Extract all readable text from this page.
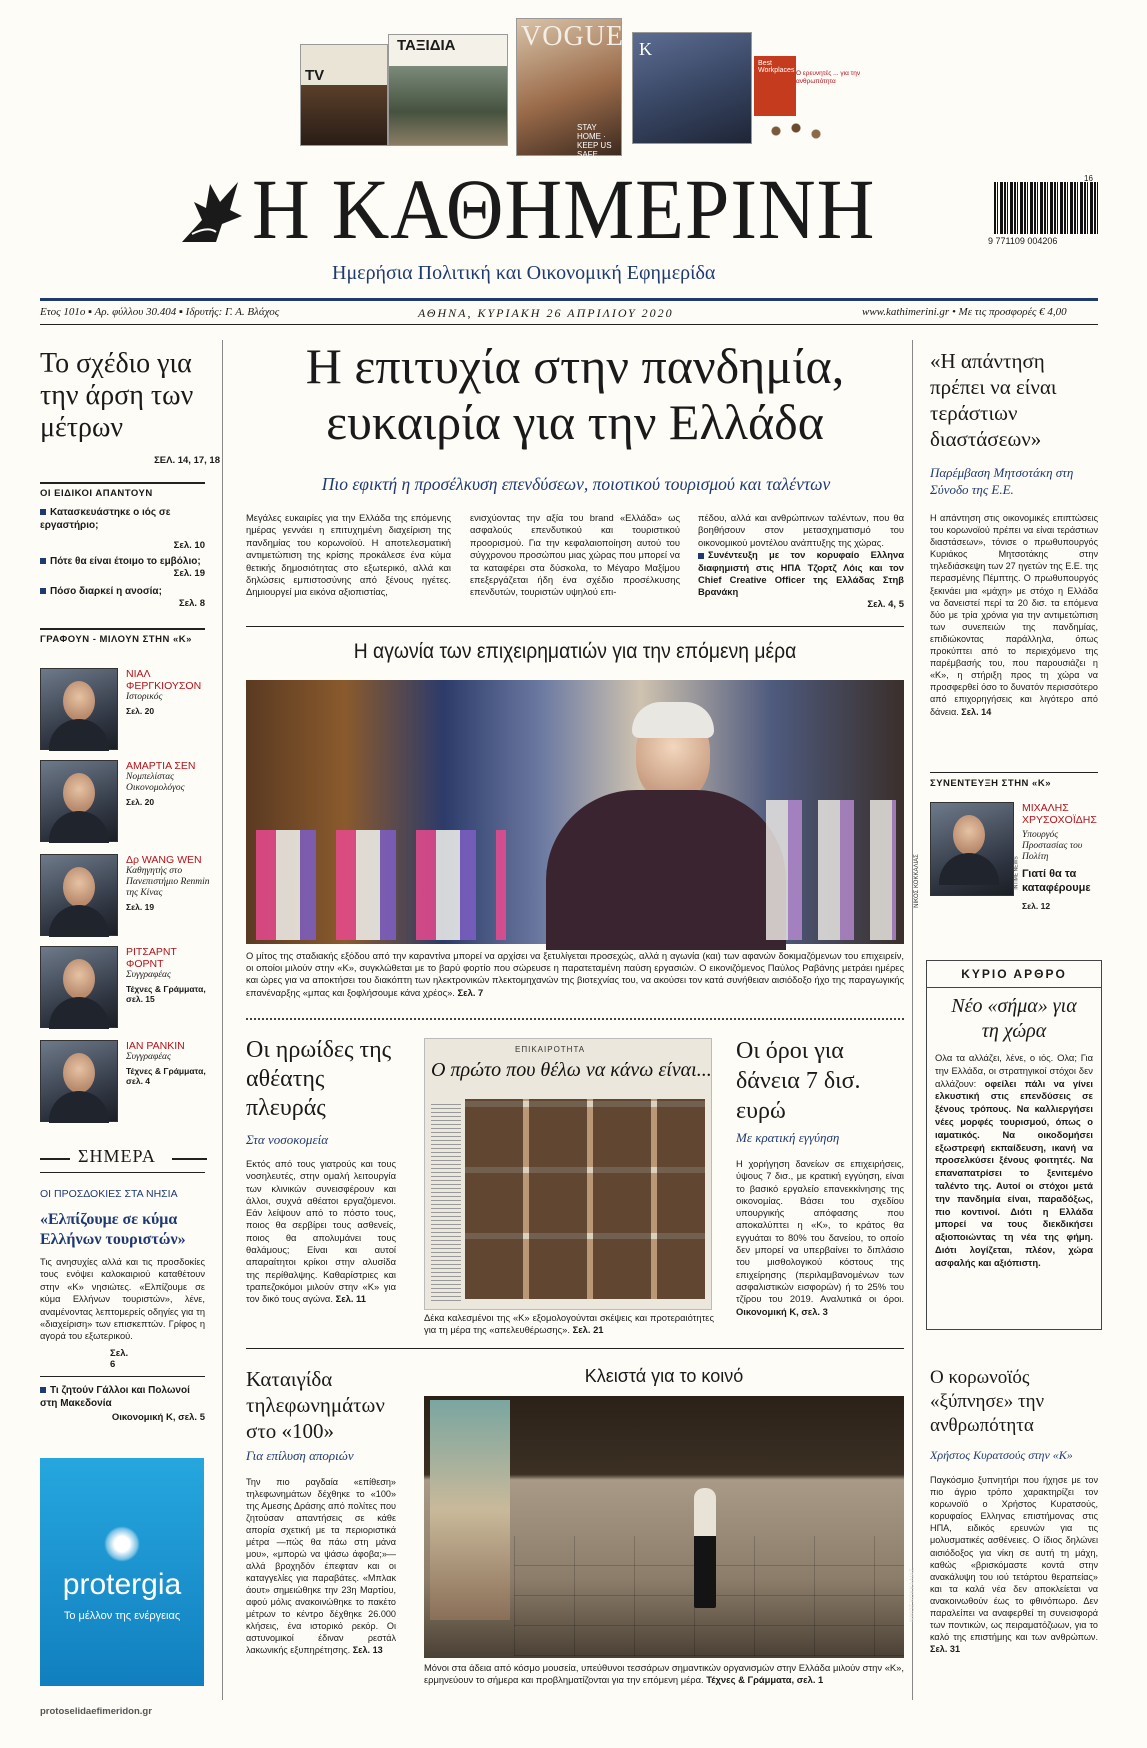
TV
ΤΑΞΙΔΙΑ VOGUE
STAY HOME · KEEP US SAFE
K
Best Workplaces Ο ερευνητές ... για την ανθρωπότητα
Η ΚΑΘΗΜΕΡΙΝΗ
Ημερήσια Πολιτική και Οικονομική Εφημερίδα
9 771109 004206
16
Ετος 101ο ▪ Αρ. φύλλου 30.404 ▪ Ιδρυτής: Γ. Α. Βλάχος	ΑΘΗΝΑ, ΚΥΡΙΑΚΗ 26 ΑΠΡΙΛΙΟΥ 2020	www.kathimerini.gr • Με τις προσφορές € 4,00
Το σχέδιο για την άρση των μέτρων
ΣΕΛ. 14, 17, 18
ΟΙ ΕΙΔΙΚΟΙ ΑΠΑΝΤΟΥΝ
Κατασκευάστηκε ο ιός σε εργαστήριο;
Σελ. 10
Πότε θα είναι έτοιμο το εμβόλιο;
Σελ. 19
Πόσο διαρκεί η ανοσία;
Σελ. 8
ΓΡΑΦΟΥΝ - ΜΙΛΟΥΝ ΣΤΗΝ «Κ»
ΝΙΑΛ ΦΕΡΓΚΙΟΥΣΟΝ
Ιστορικός
Σελ. 20
ΑΜΑΡΤΙΑ ΣΕΝ
Νομπελίστας Οικονομολόγος
Σελ. 20
Δρ WANG WEN
Καθηγητής στο Πανεπιστήμιο Renmin της Κίνας
Σελ. 19
ΡΙΤΣΑΡΝΤ ΦΟΡΝΤ
Συγγραφέας
Τέχνες & Γράμματα, σελ. 15
ΙΑΝ ΡΑΝΚΙΝ
Συγγραφέας
Τέχνες & Γράμματα, σελ. 4
ΣΗΜΕΡΑ
ΟΙ ΠΡΟΣΔΟΚΙΕΣ ΣΤΑ ΝΗΣΙΑ
«Ελπίζουμε σε κύμα Ελλήνων τουριστών»
Τις ανησυχίες αλλά και τις προσδοκίες τους ενόψει καλοκαιριού καταθέτουν στην «Κ» νησιώτες. «Ελπίζουμε σε κύμα Ελλήνων τουριστών», λένε, αναμένοντας λεπτομερείς οδηγίες για τη «διαχείριση» των επισκεπτών. Γρίφος η αγορά του εξωτερικού.
Σελ. 6
Τι ζητούν Γάλλοι και Πολωνοί στη Μακεδονία
Οικονομική Κ, σελ. 5
protergia
Το μέλλον της ενέργειας
protoselidaefimeridon.gr
Η επιτυχία στην πανδημία, ευκαιρία για την Ελλάδα
Πιο εφικτή η προσέλκυση επενδύσεων, ποιοτικού τουρισμού και ταλέντων
Μεγάλες ευκαιρίες για την Ελλάδα της επόμενης ημέρας γεννάει η επιτυχημένη διαχείριση της πανδημίας του κορωνοϊού. Η αποτελεσματική αντιμετώπιση της κρίσης προκάλεσε ένα κύμα θετικής δημοσιότητας στο εξωτερικό, αλλά και δηλώσεις εμπιστοσύνης από ξένους ηγέτες. Δημιουργεί μια εικόνα αξιοπιστίας,
ενισχύοντας την αξία του brand «Ελλάδα» ως ασφαλούς επενδυτικού και τουριστικού προορισμού. Για την κεφαλαιοποίηση αυτού του σύγχρονου προσώπου μιας χώρας που μπορεί να τα καταφέρει στα δύσκολα, το Μέγαρο Μαξίμου επεξεργάζεται ήδη ένα σχέδιο προσέλκυσης επενδυτών, τουριστών υψηλού επι-
πέδου, αλλά και ανθρώπινων ταλέντων, που θα βοηθήσουν στον μετασχηματισμό του οικονομικού μοντέλου ανάπτυξης της χώρας.
Συνέντευξη με τον κορυφαίο Ελληνα διαφημιστή στις ΗΠΑ Τζορτζ Λόις και τον Chief Creative Officer της Ελλάδας Στηβ Βρανάκη
Σελ. 4, 5
Η αγωνία των επιχειρηματιών για την επόμενη μέρα
ΝΙΚΟΣ ΚΟΚΚΑΛΙΑΣ
Ο μίτος της σταδιακής εξόδου από την καραντίνα μπορεί να αρχίσει να ξετυλίγεται προσεχώς, αλλά η αγωνία (και) των αφανών δοκιμαζόμενων του επιχειρείν, οι οποίοι μιλούν στην «Κ», συγκλώθεται με το βαρύ φορτίο που σώρευσε η παρατεταμένη παύση εργασιών. Ο εικονιζόμενος Παύλος Ραβάνης μετράει ημέρες και ώρες για να αποκτήσει του διακόπτη των ηλεκτρονικών πλεκτομηχανών της βιοτεχνίας του, να ακούσει τον κατά συνήθειαν αισιόδοξο ήχο της παραγωγικής επανέναρξης «μπας και ξοφλήσουμε κάνα χρέος». Σελ. 7
Οι ηρωίδες της αθέατης πλευράς
Στα νοσοκομεία
Εκτός από τους γιατρούς και τους νοσηλευτές, στην ομαλή λειτουργία των κλινικών συνεισφέρουν και άλλοι, συχνά αθέατοι εργαζόμενοι. Εάν λείψουν από το πόστο τους, ποιος θα σερβίρει τους ασθενείς, ποιος θα απολυμάνει τους θαλάμους; Είναι και αυτοί απαραίτητοι κρίκοι στην αλυσίδα της περίθαλψης. Καθαρίστριες και τραπεζοκόμοι μιλούν στην «Κ» για τον δικό τους αγώνα. Σελ. 11
ΕΠΙΚΑΙΡΟΤΗΤΑ
Ο πρώτο που θέλω να κάνω είναι...
Δέκα καλεσμένοι της «Κ» εξομολογούνται σκέψεις και προτεραιότητες για τη μέρα της «απελευθέρωσης». Σελ. 21
Οι όροι για δάνεια 7 δισ. ευρώ
Με κρατική εγγύηση
Η χορήγηση δανείων σε επιχειρήσεις, ύψους 7 δισ., με κρατική εγγύηση, είναι το βασικό εργαλείο επανεκκίνησης της οικονομίας. Βάσει του σχεδίου υπουργικής απόφασης που αποκαλύπτει η «Κ», το κράτος θα εγγυάται το 80% του δανείου, το οποίο δεν μπορεί να υπερβαίνει το διπλάσιο του μισθολογικού κόστους της επιχείρησης (περιλαμβανομένων των ασφαλιστικών εισφορών) ή το 25% του τζίρου του 2019. Αναλυτικά οι όροι. Οικονομική Κ, σελ. 3
Καταιγίδα τηλεφωνημάτων στο «100»
Για επίλυση αποριών
Την πιο ραγδαία «επίθεση» τηλεφωνημάτων δέχθηκε το «100» της Αμεσης Δράσης από πολίτες που ζητούσαν απαντήσεις σε κάθε απορία σχετική με τα περιοριστικά μέτρα —πώς θα πάω στη μάνα μου», «μπορώ να ψάσω άφοβα;»— αλλά βροχηδόν έπεφταν και οι καταγγελίες για παραβάτες. «Μπλακ άουτ» σημειώθηκε την 23η Μαρτίου, αφού μόλις ανακοινώθηκε το πακέτο μέτρων το κέντρο δέχθηκε 26.000 κλήσεις, ένα ιστορικό ρεκόρ. Οι αστυνομικοί έδιναν ρεστάλ λακωνικής εξυπηρέτησης. Σελ. 13
Κλειστά για το κοινό
ΝΙΚΟΣ ΚΟΚΚΑΛΙΑΣ
Μόνοι στα άδεια από κόσμο μουσεία, υπεύθυνοι τεσσάρων σημαντικών οργανισμών στην Ελλάδα μιλούν στην «Κ», ερμηνεύουν το σήμερα και προβληματίζονται για την επόμενη μέρα. Τέχνες & Γράμματα, σελ. 1
«Η απάντηση πρέπει να είναι τεράστιων διαστάσεων»
Παρέμβαση Μητσοτάκη στη Σύνοδο της Ε.Ε.
Η απάντηση στις οικονομικές επιπτώσεις του κορωνοϊού πρέπει να είναι τεράστιων διαστάσεων», τόνισε ο πρωθυπουργός Κυριάκος Μητσοτάκης στην τηλεδιάσκεψη των 27 ηγετών της Ε.Ε. της περασμένης Πέμπτης. Ο πρωθυπουργός ξεκινάει μια «μάχη» με στόχο η Ελλάδα να δανειστεί περί τα 20 δισ. τα επόμενα δύο με τρία χρόνια για την αντιμετώπιση των συνεπειών της πανδημίας, επιδιώκοντας παράλληλα, όπως προκύπτει από το περιεχόμενο της παρέμβασής του, που παρουσιάζει η «Κ», η στήριξη προς τη χώρα να προσφερθεί όσο το δυνατόν περισσότερο από επιχορηγήσεις και λιγότερο από δάνεια. Σελ. 14
ΣΥΝΕΝΤΕΥΞΗ ΣΤΗΝ «Κ»
INTIME NEWS
ΜΙΧΑΛΗΣ ΧΡΥΣΟΧΟΪΔΗΣ
Υπουργός Προστασίας του Πολίτη
Γιατί θα τα καταφέρουμε
Σελ. 12
ΚΥΡΙΟ ΑΡΘΡΟ
Νέο «σήμα» για τη χώρα
Ολα τα αλλάζει, λένε, ο ιός. Ολα; Για την Ελλάδα, οι στρατηγικοί στόχοι δεν αλλάζουν: οφείλει πάλι να γίνει ελκυστική στις επενδύσεις σε ξένους τρόπους. Να καλλιεργήσει νέες μορφές τουρισμού, όπως ο ιαματικός. Να οικοδομήσει εξωστρεφή εκπαίδευση, ικανή να προσελκύσει ξένους φοιτητές. Να επαναπατρίσει το ξενιτεμένο ταλέντο της. Αυτοί οι στόχοι μετά την πανδημία είναι, παραδόξως, πιο κοντινοί. Διότι η Ελλάδα μπορεί να τους διεκδικήσει αξιοποιώντας τη νέα της φήμη. Διότι λογίζεται, πλέον, χώρα ασφαλής και αξιόπιστη.
Ο κορωνοϊός «ξύπνησε» την ανθρωπότητα
Χρήστος Κυρατσούς στην «Κ»
Παγκόσμιο ξυπνητήρι που ήχησε με τον πιο άγριο τρόπο χαρακτηρίζει τον κορωνοϊό ο Χρήστος Κυρατσούς, κορυφαίος Ελληνας επιστήμονας στις ΗΠΑ, ειδικός ερευνών για τις μολυσματικές ασθένειες. Ο ίδιος δηλώνει αισιόδοξος για νίκη σε αυτή τη μάχη, καθώς «βρισκόμαστε κοντά στην ανακάλυψη του ιού τετάρτου θεραπείας» και τα καλά νέα δεν αποκλείεται να ανακοινωθούν έως το φθινόπωρο. Δεν παραλείπει να αναφερθεί τη συνεισφορά των ποντικών, ως πειραματόζωων, για το καλό της επιστήμης και των ανθρώπων. Σελ. 31
